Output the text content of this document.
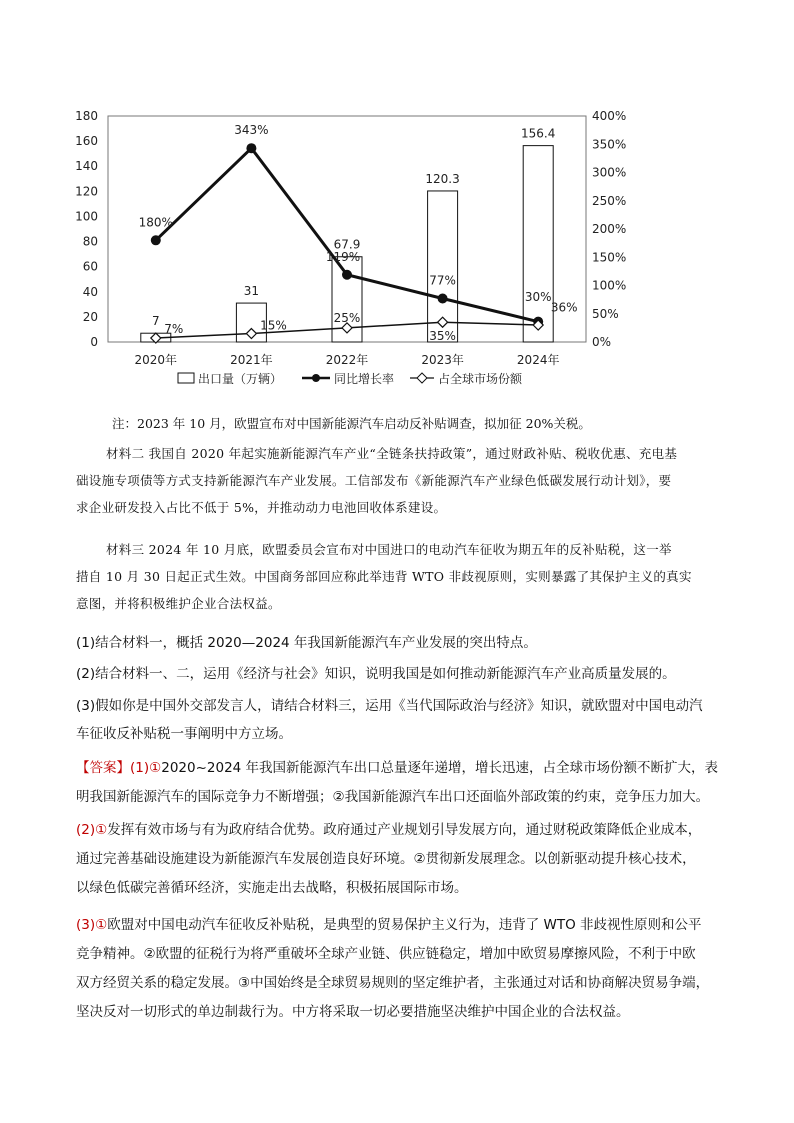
0
20
40
60
80
100
120
140
160
180
0%
50%
100%
150%
200%
250%
300%
350%
400%
2020年	2021年	2022年	2023年	2024年
7
31
67.9
120.3
156.4
180%
343%
119%
77%
36%
7%	15%
25%
35%
30%
出口量（万辆）	同比增长率	占全球市场份额
注：2023 年 10 月，欧盟宣布对中国新能源汽车启动反补贴调查，拟加征 20%关税。
材料二 我国自 2020 年起实施新能源汽车产业“全链条扶持政策”，通过财政补贴、税收优惠、充电基
础设施专项债等方式支持新能源汽车产业发展。工信部发布《新能源汽车产业绿色低碳发展行动计划》，要
求企业研发投入占比不低于 5%，并推动动力电池回收体系建设。
材料三 2024 年 10 月底，欧盟委员会宣布对中国进口的电动汽车征收为期五年的反补贴税，这一举
措自 10 月 30 日起正式生效。中国商务部回应称此举违背 WTO 非歧视原则，实则暴露了其保护主义的真实
意图，并将积极维护企业合法权益。
(1)结合材料一，概括 2020—2024 年我国新能源汽车产业发展的突出特点。
(2)结合材料一、二，运用《经济与社会》知识，说明我国是如何推动新能源汽车产业高质量发展的。
(3)假如你是中国外交部发言人，请结合材料三，运用《当代国际政治与经济》知识，就欧盟对中国电动汽
车征收反补贴税一事阐明中方立场。
【答案】(1)①2020~2024 年我国新能源汽车出口总量逐年递增，增长迅速，占全球市场份额不断扩大，表
明我国新能源汽车的国际竞争力不断增强；②我国新能源汽车出口还面临外部政策的约束，竞争压力加大。
(2)①发挥有效市场与有为政府结合优势。政府通过产业规划引导发展方向，通过财税政策降低企业成本，
通过完善基础设施建设为新能源汽车发展创造良好环境。②贯彻新发展理念。以创新驱动提升核心技术，
以绿色低碳完善循环经济，实施走出去战略，积极拓展国际市场。
(3)①欧盟对中国电动汽车征收反补贴税，是典型的贸易保护主义行为，违背了 WTO 非歧视性原则和公平
竞争精神。②欧盟的征税行为将严重破坏全球产业链、供应链稳定，增加中欧贸易摩擦风险，不利于中欧
双方经贸关系的稳定发展。③中国始终是全球贸易规则的坚定维护者，主张通过对话和协商解决贸易争端，
坚决反对一切形式的单边制裁行为。中方将采取一切必要措施坚决维护中国企业的合法权益。
